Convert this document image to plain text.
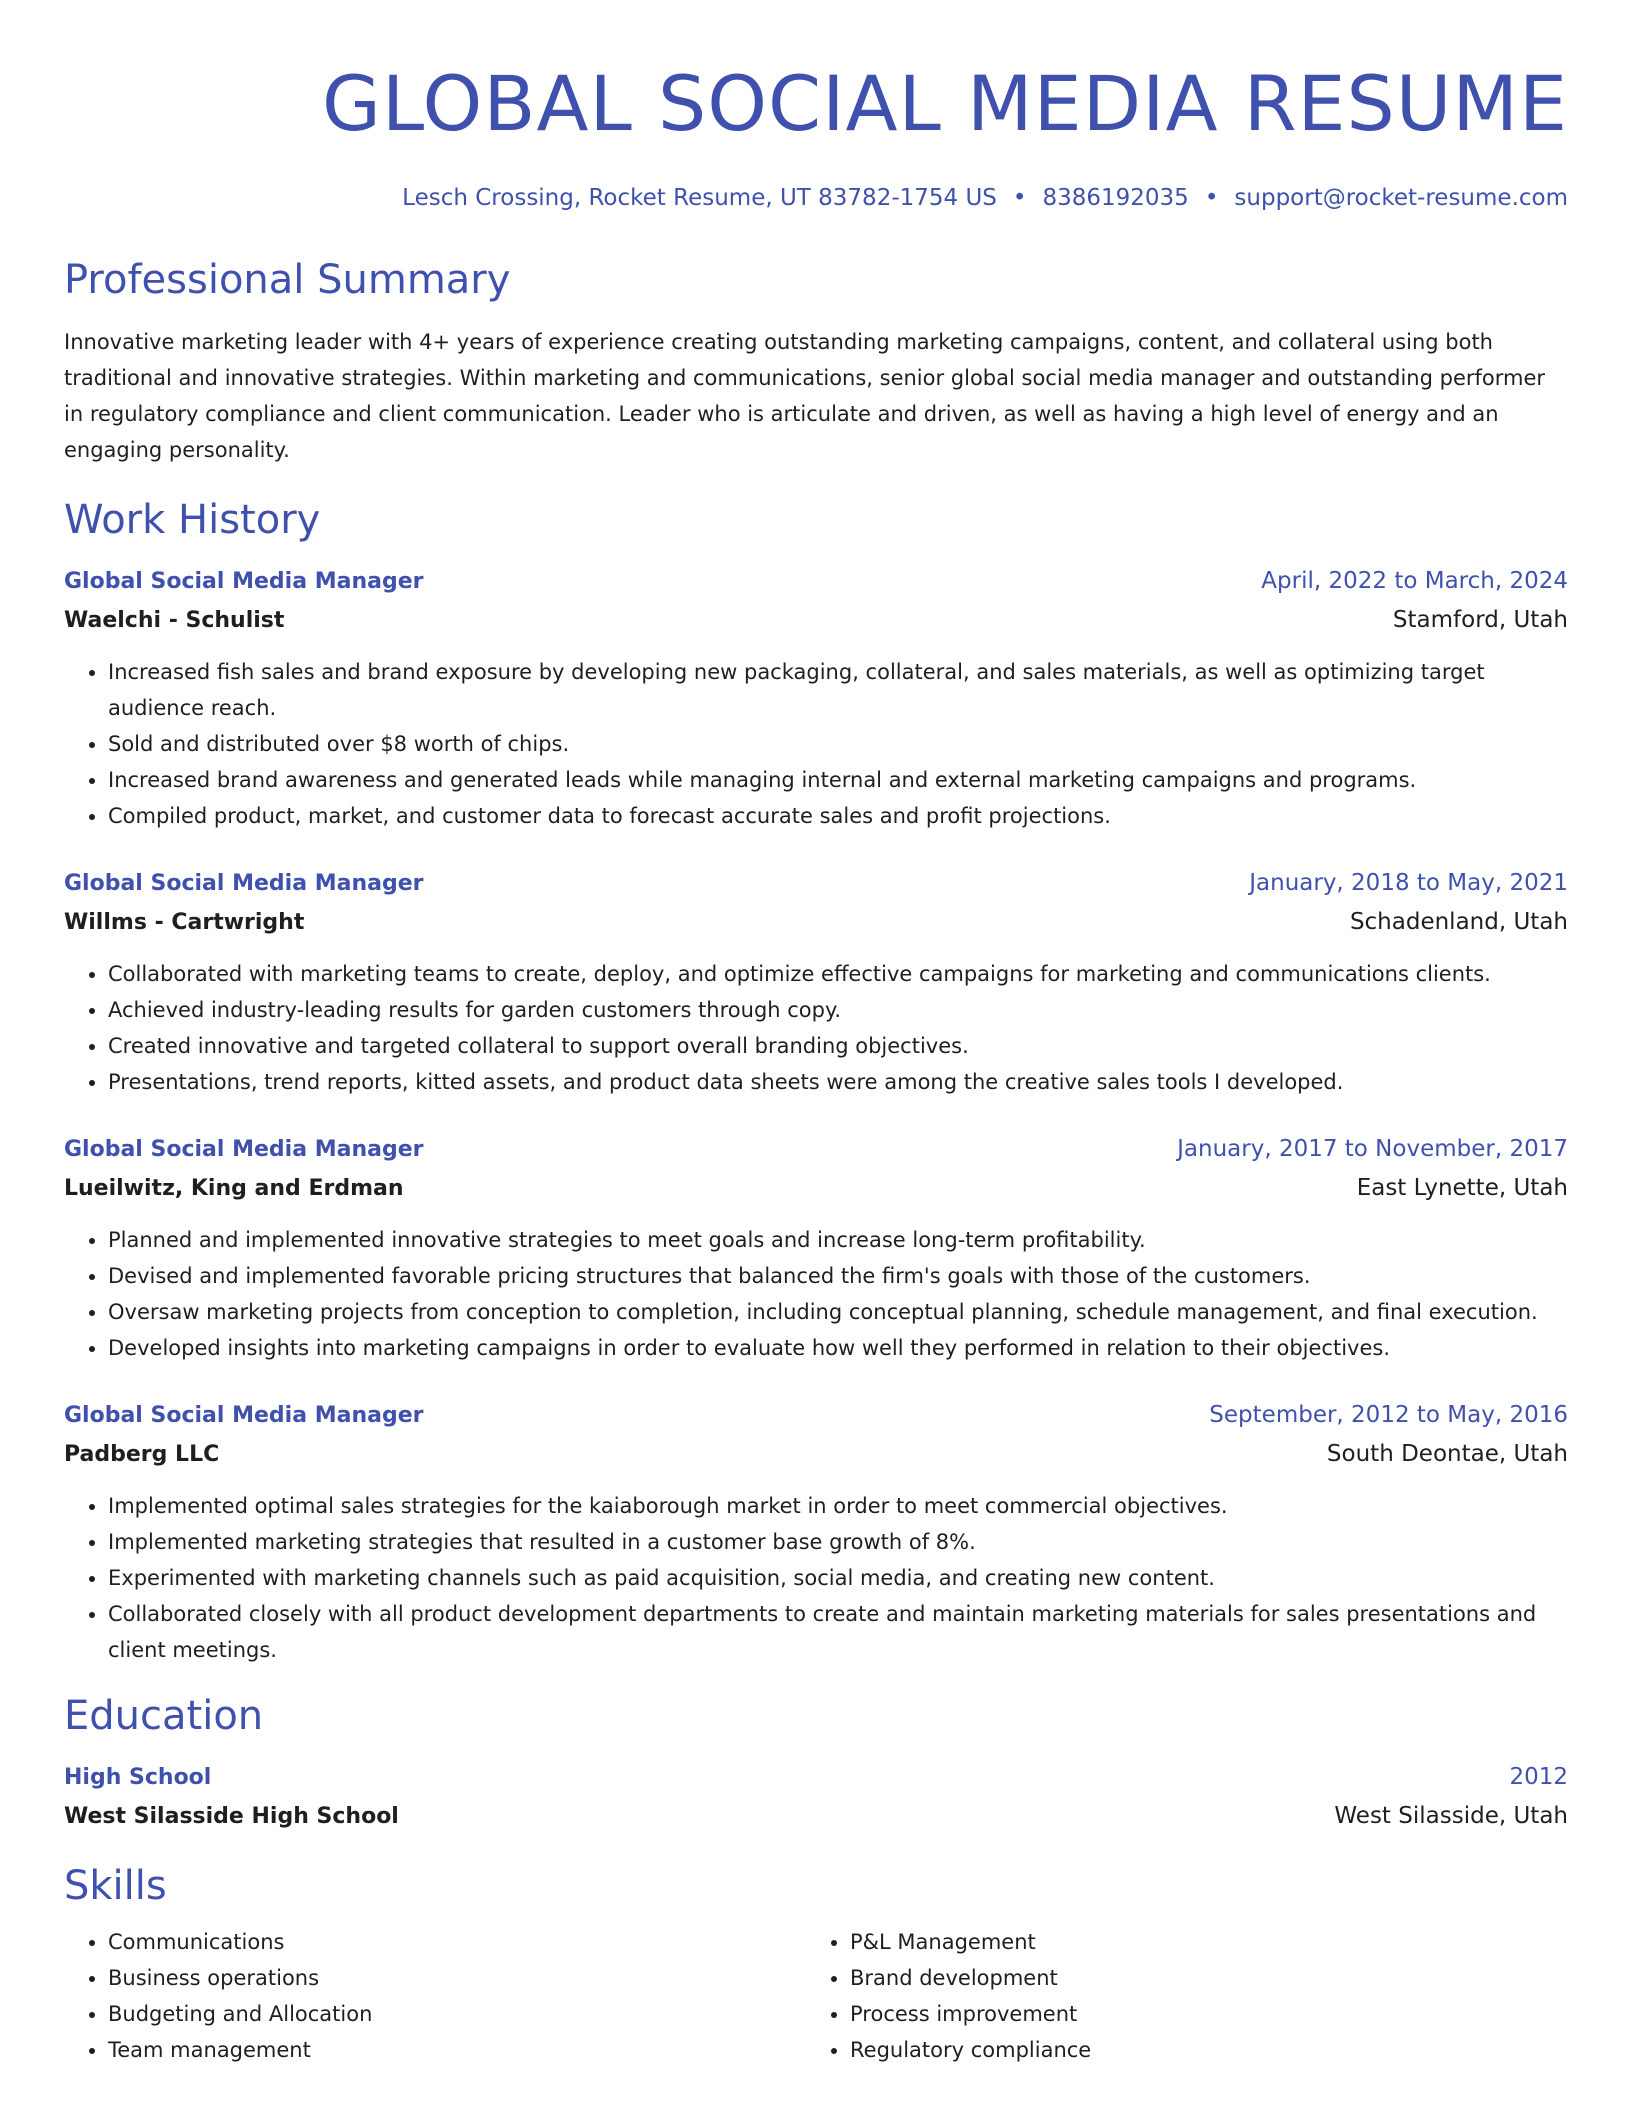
GLOBAL SOCIAL MEDIA RESUME
Lesch Crossing, Rocket Resume, UT 83782-1754 US • 8386192035 • support@rocket-resume.com
Professional Summary
Innovative marketing leader with 4+ years of experience creating outstanding marketing campaigns, content, and collateral using both traditional and innovative strategies. Within marketing and communications, senior global social media manager and outstanding performer in regulatory compliance and client communication. Leader who is articulate and driven, as well as having a high level of energy and an engaging personality.
Work History
Global Social Media Manager	April, 2022 to March, 2024
Waelchi - Schulist	Stamford, Utah
• Increased fish sales and brand exposure by developing new packaging, collateral, and sales materials, as well as optimizing target audience reach.
• Sold and distributed over $8 worth of chips.
• Increased brand awareness and generated leads while managing internal and external marketing campaigns and programs.
• Compiled product, market, and customer data to forecast accurate sales and profit projections.
Global Social Media Manager	January, 2018 to May, 2021
Willms - Cartwright	Schadenland, Utah
• Collaborated with marketing teams to create, deploy, and optimize effective campaigns for marketing and communications clients.
• Achieved industry-leading results for garden customers through copy.
• Created innovative and targeted collateral to support overall branding objectives.
• Presentations, trend reports, kitted assets, and product data sheets were among the creative sales tools I developed.
Global Social Media Manager	January, 2017 to November, 2017
Lueilwitz, King and Erdman	East Lynette, Utah
• Planned and implemented innovative strategies to meet goals and increase long-term profitability.
• Devised and implemented favorable pricing structures that balanced the firm's goals with those of the customers.
• Oversaw marketing projects from conception to completion, including conceptual planning, schedule management, and final execution.
• Developed insights into marketing campaigns in order to evaluate how well they performed in relation to their objectives.
Global Social Media Manager	September, 2012 to May, 2016
Padberg LLC	South Deontae, Utah
• Implemented optimal sales strategies for the kaiaborough market in order to meet commercial objectives.
• Implemented marketing strategies that resulted in a customer base growth of 8%.
• Experimented with marketing channels such as paid acquisition, social media, and creating new content.
• Collaborated closely with all product development departments to create and maintain marketing materials for sales presentations and client meetings.
Education
High School	2012
West Silasside High School	West Silasside, Utah
Skills
• Communications
• Business operations
• Budgeting and Allocation
• Team management
• P&L Management
• Brand development
• Process improvement
• Regulatory compliance
